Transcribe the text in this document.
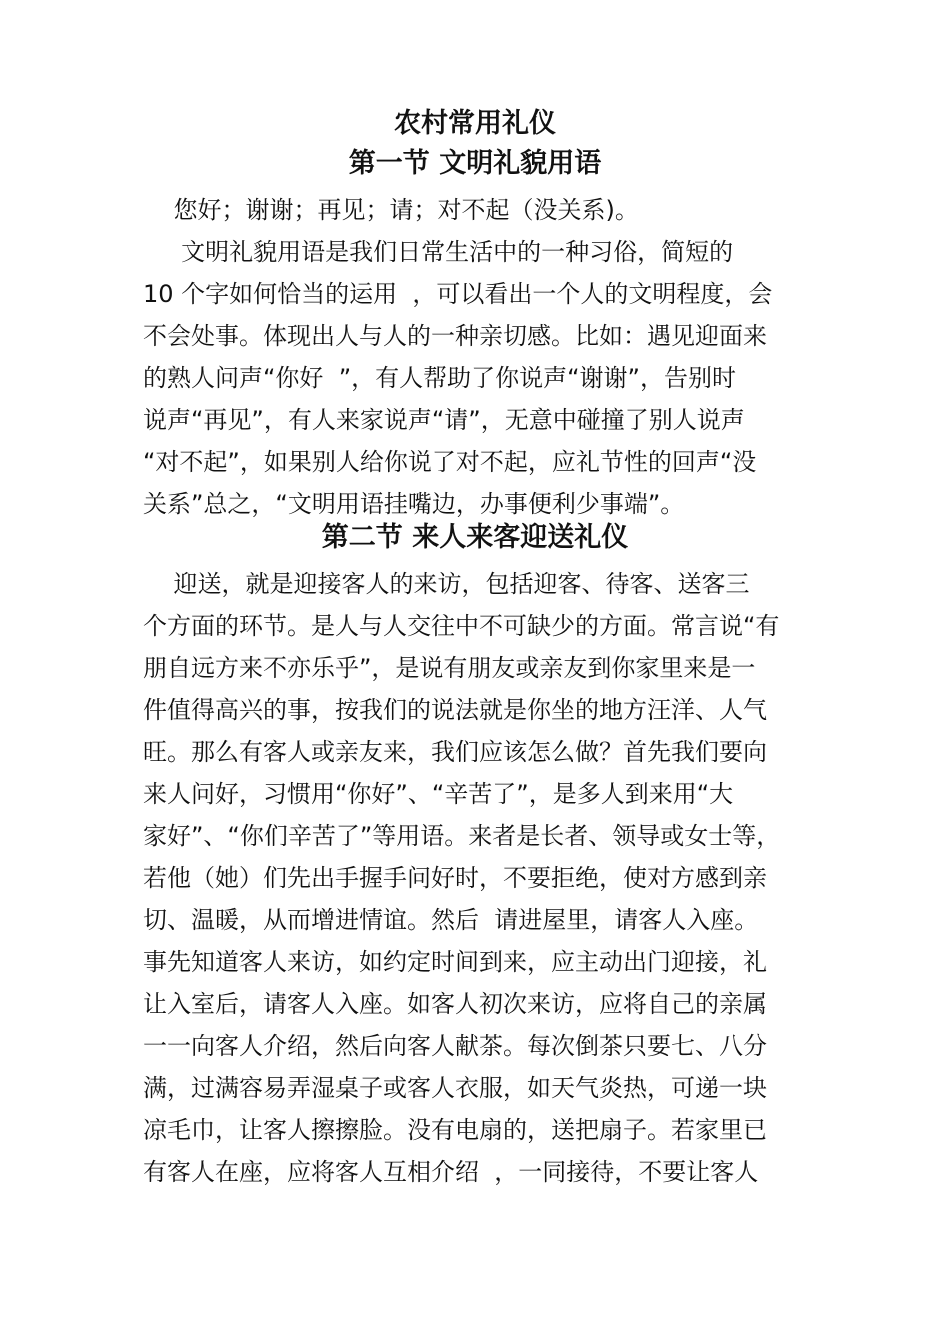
农村常用礼仪
第一节 文明礼貌用语

您好；谢谢；再见；请；对不起（没关系)。

文明礼貌用语是我们日常生活中的一种习俗，简短的

10 个字如何恰当的运用  ，可以看出一个人的文明程度，会

不会处事。体现出人与人的一种亲切感。比如：遇见迎面来

的熟人问声“你好  ”，有人帮助了你说声“谢谢”，告别时

说声“再见”，有人来家说声“请”，无意中碰撞了别人说声

“对不起”，如果别人给你说了对不起，应礼节性的回声“没

关系”总之，“文明用语挂嘴边，办事便利少事端”。

第二节 来人来客迎送礼仪

迎送，就是迎接客人的来访，包括迎客、待客、送客三

个方面的环节。是人与人交往中不可缺少的方面。常言说“有

朋自远方来不亦乐乎”，是说有朋友或亲友到你家里来是一

件值得高兴的事，按我们的说法就是你坐的地方汪洋、人气

旺。那么有客人或亲友来，我们应该怎么做？首先我们要向

来人问好，习惯用“你好”、“辛苦了”，是多人到来用“大

家好”、“你们辛苦了”等用语。来者是长者、领导或女士等，

若他（她）们先出手握手问好时，不要拒绝，使对方感到亲

切、温暖，从而增进情谊。然后  请进屋里，请客人入座。

事先知道客人来访，如约定时间到来，应主动出门迎接，礼

让入室后，请客人入座。如客人初次来访，应将自己的亲属

一一向客人介绍，然后向客人献茶。每次倒茶只要七、八分

满，过满容易弄湿桌子或客人衣服，如天气炎热，可递一块

凉毛巾，让客人擦擦脸。没有电扇的，送把扇子。若家里已

有客人在座，应将客人互相介绍  ，一同接待，不要让客人
